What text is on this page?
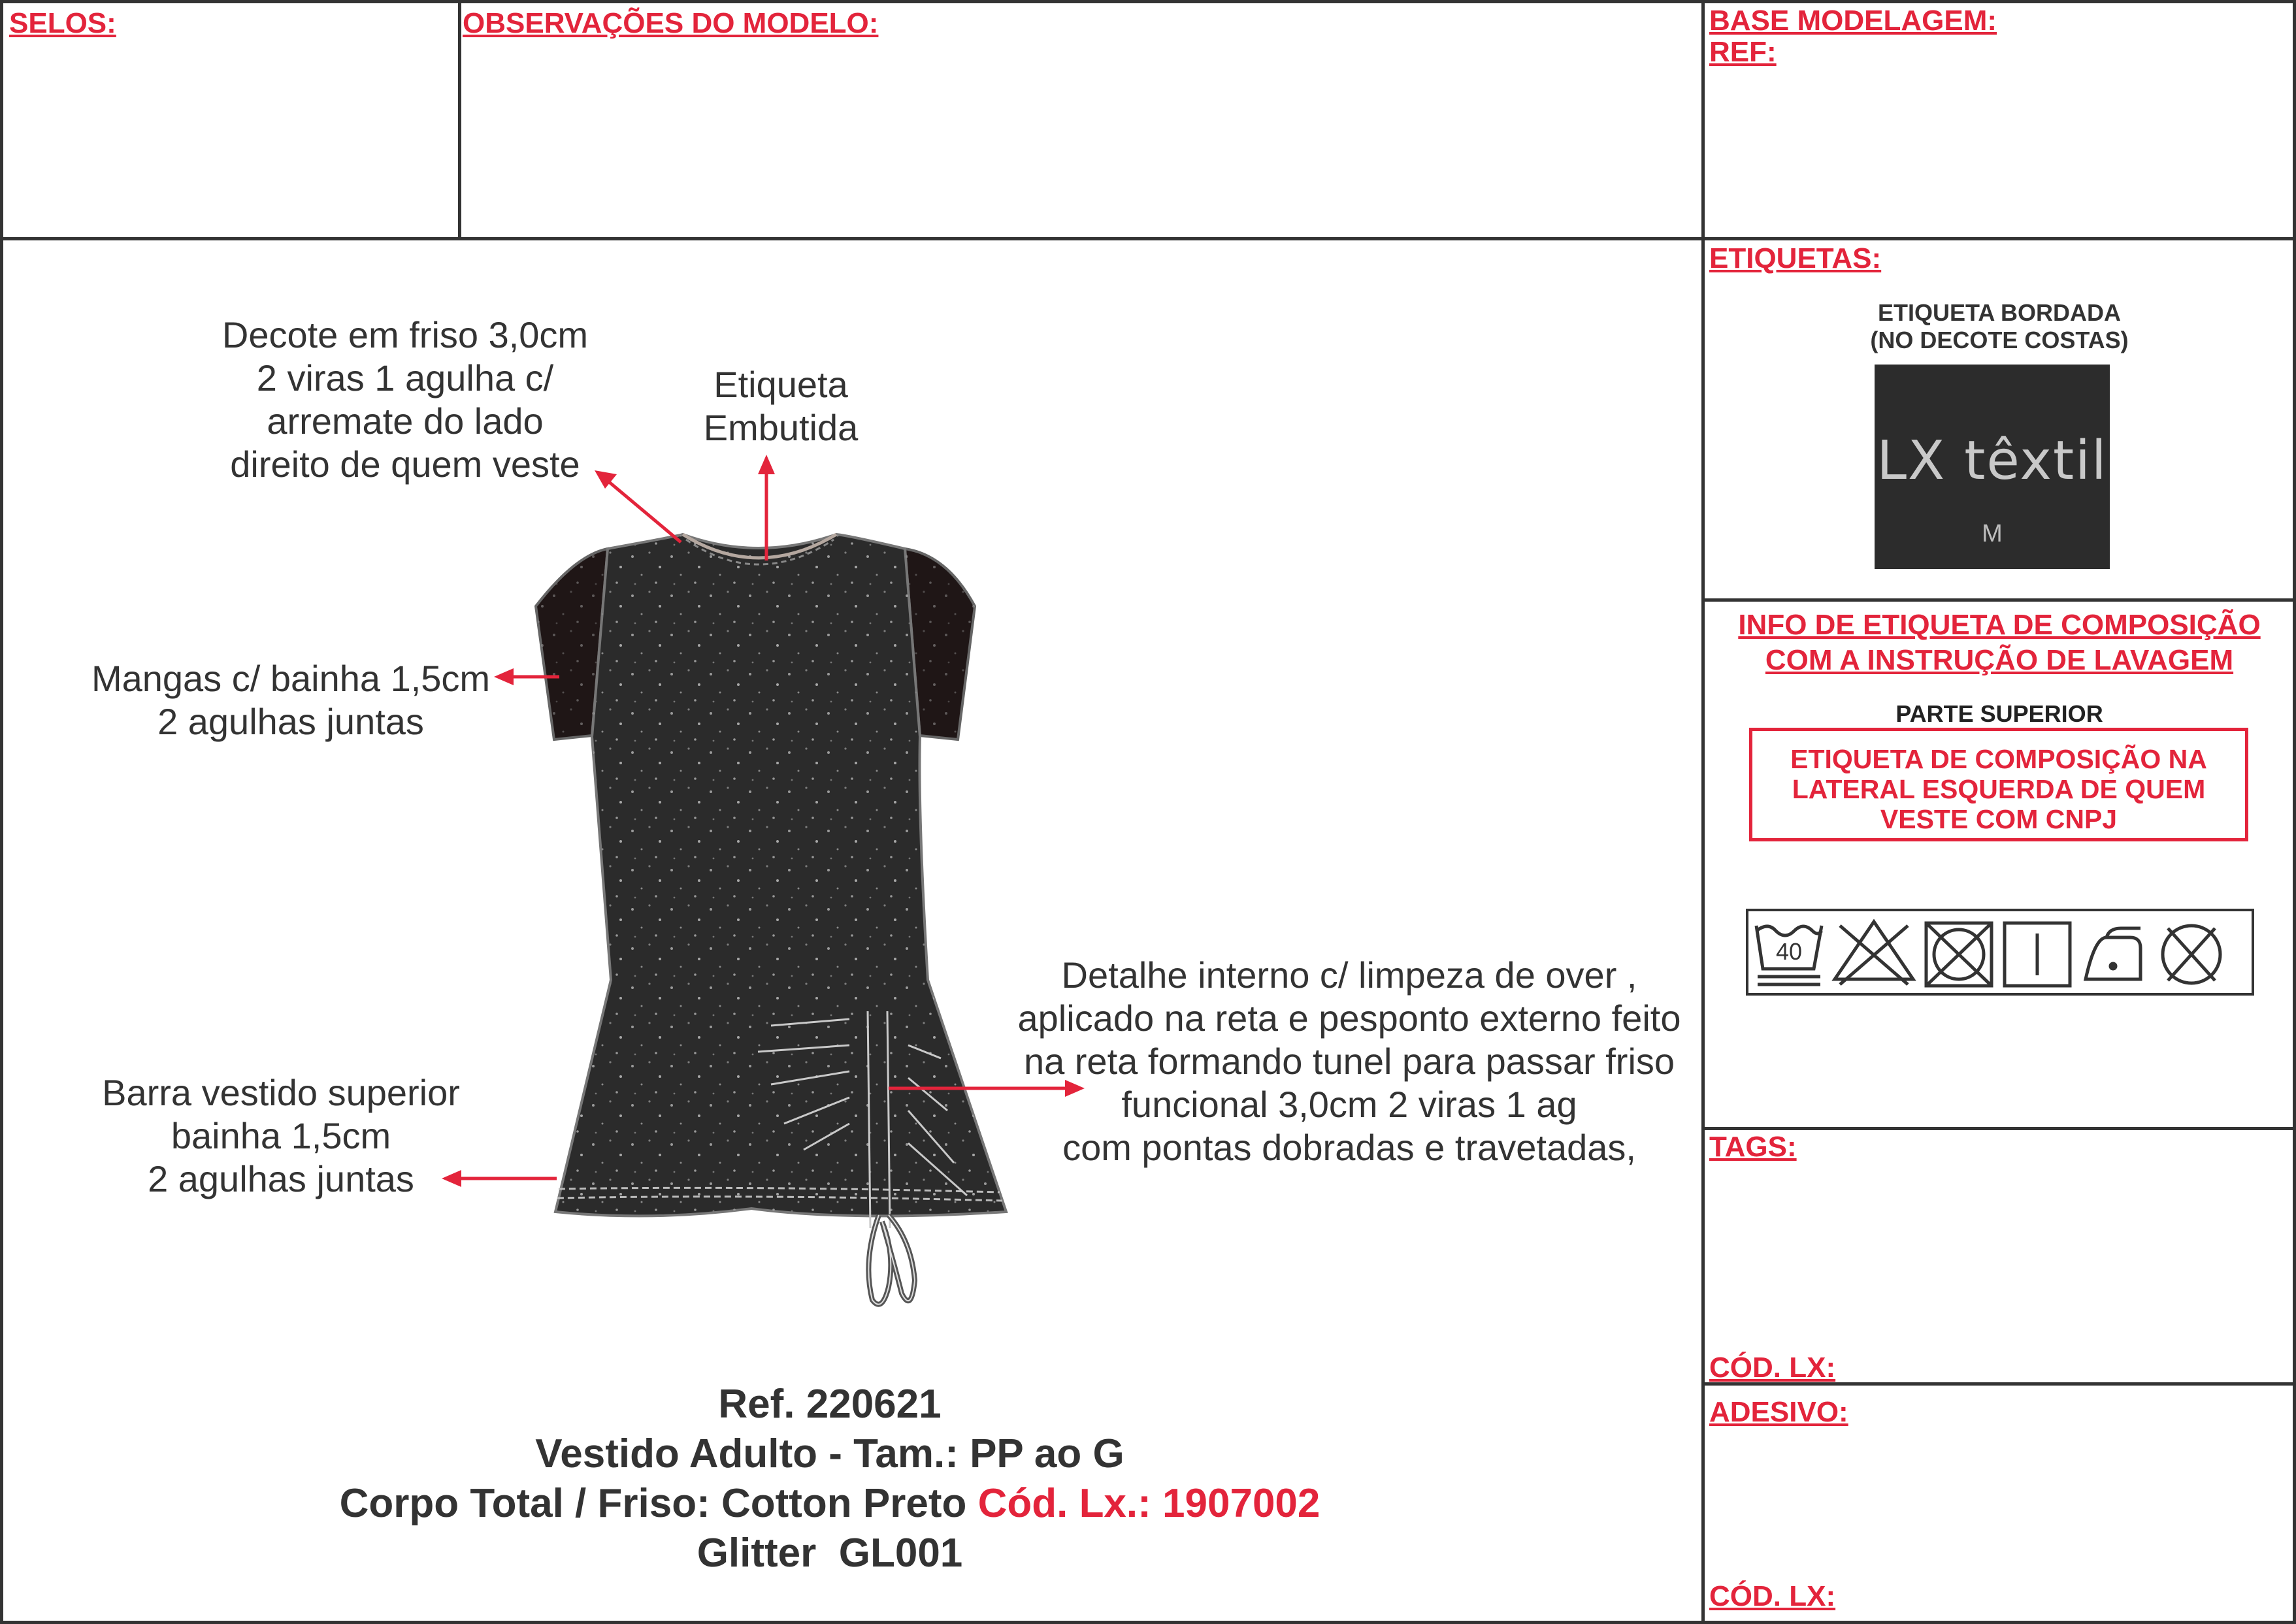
SELOS:	OBSERVAÇÕES DO MODELO:	BASE MODELAGEM:
REF:
ETIQUETAS:
TAGS:
CÓD. LX:
ADESIVO:
CÓD. LX:
ETIQUETA BORDADA
(NO DECOTE COSTAS)
LX têxtil
M
INFO DE ETIQUETA DE COMPOSIÇÃO
COM A INSTRUÇÃO DE LAVAGEM
PARTE SUPERIOR
ETIQUETA DE COMPOSIÇÃO NA
LATERAL ESQUERDA DE QUEM
VESTE COM CNPJ
40
Decote em friso 3,0cm
2 viras 1 agulha c/
arremate do lado
direito de quem veste
Etiqueta
Embutida
Mangas c/ bainha 1,5cm
2 agulhas juntas
Barra vestido superior
bainha 1,5cm
2 agulhas juntas
Detalhe interno c/ limpeza de over ,
aplicado na reta e pesponto externo feito
na reta formando tunel para passar friso
funcional 3,0cm 2 viras 1 ag
com pontas dobradas e travetadas,
Ref. 220621
Vestido Adulto - Tam.: PP ao G
Corpo Total / Friso: Cotton Preto Cód. Lx.: 1907002
Glitter  GL001
